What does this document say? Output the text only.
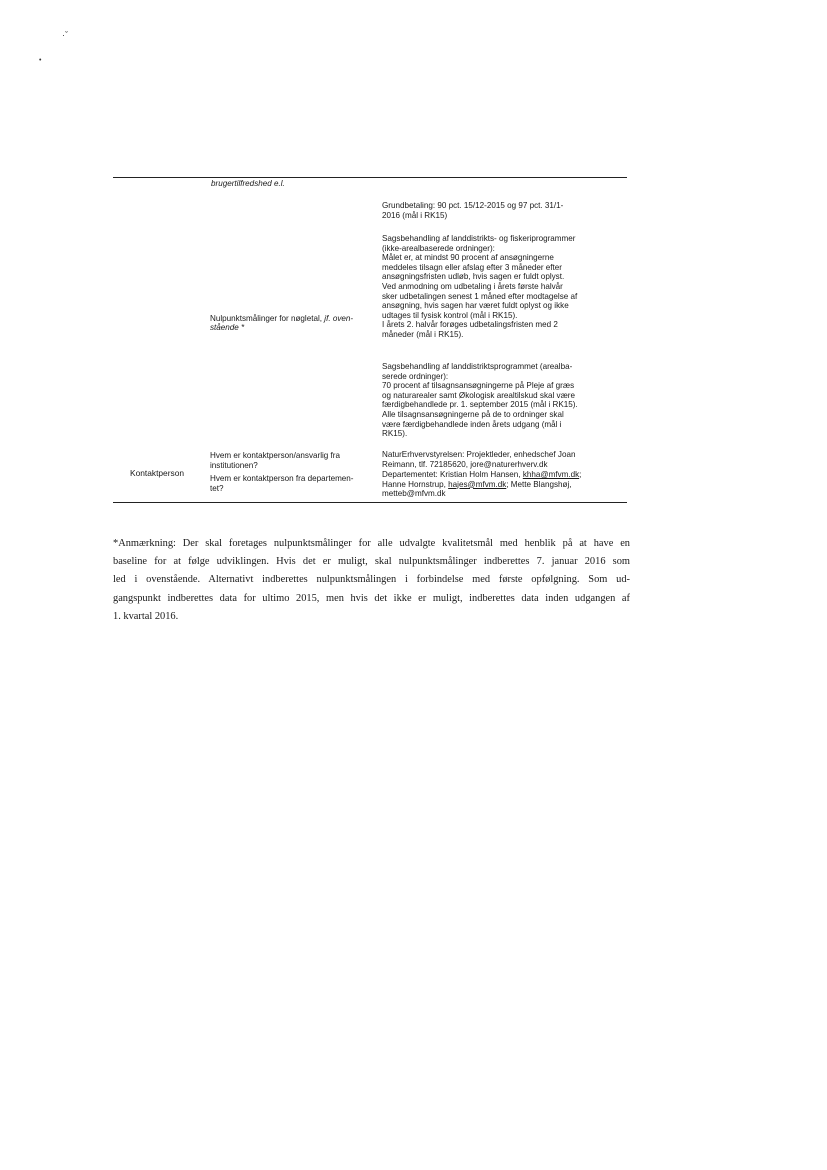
·ˇ
•
brugertilfredshed e.l.
Nulpunktsmålinger for nøgletal, jf. oven-
stående *
Grundbetaling: 90 pct. 15/12-2015 og 97 pct. 31/1-
2016 (mål i RK15)
Sagsbehandling af landdistrikts- og fiskeriprogrammer
(ikke-arealbaserede ordninger):
Målet er, at mindst 90 procent af ansøgningerne
meddeles tilsagn eller afslag efter 3 måneder efter
ansøgningsfristen udløb, hvis sagen er fuldt oplyst.
Ved anmodning om udbetaling i årets første halvår
sker udbetalingen senest 1 måned efter modtagelse af
ansøgning, hvis sagen har været fuldt oplyst og ikke
udtages til fysisk kontrol (mål i RK15).
I årets 2. halvår forøges udbetalingsfristen med 2
måneder (mål i RK15).
Sagsbehandling af landdistriktsprogrammet (arealba-
serede ordninger):
70 procent af tilsagnsansøgningerne på Pleje af græs
og naturarealer samt Økologisk arealtilskud skal være
færdigbehandlede pr. 1. september 2015 (mål i RK15).
Alle tilsagnsansøgningerne på de to ordninger skal
være færdigbehandlede inden årets udgang (mål i
RK15).
Kontaktperson
Hvem er kontaktperson/ansvarlig fra
institutionen?
Hvem er kontaktperson fra departemen-
tet?
NaturErhvervstyrelsen: Projektleder, enhedschef Joan
Reimann, tlf. 72185620, jore@naturerhverv.dk
Departementet: Kristian Holm Hansen, khha@mfvm.dk;
Hanne Hornstrup, hajes@mfvm.dk; Mette Blangshøj,
metteb@mfvm.dk
*Anmærkning: Der skal foretages nulpunktsmålinger for alle udvalgte kvalitetsmål med henblik på at have en
baseline for at følge udviklingen. Hvis det er muligt, skal nulpunktsmålinger indberettes 7. januar 2016 som
led i ovenstående. Alternativt indberettes nulpunktsmålingen i forbindelse med første opfølgning. Som ud-
gangspunkt indberettes data for ultimo 2015, men hvis det ikke er muligt, indberettes data inden udgangen af
1. kvartal 2016.
